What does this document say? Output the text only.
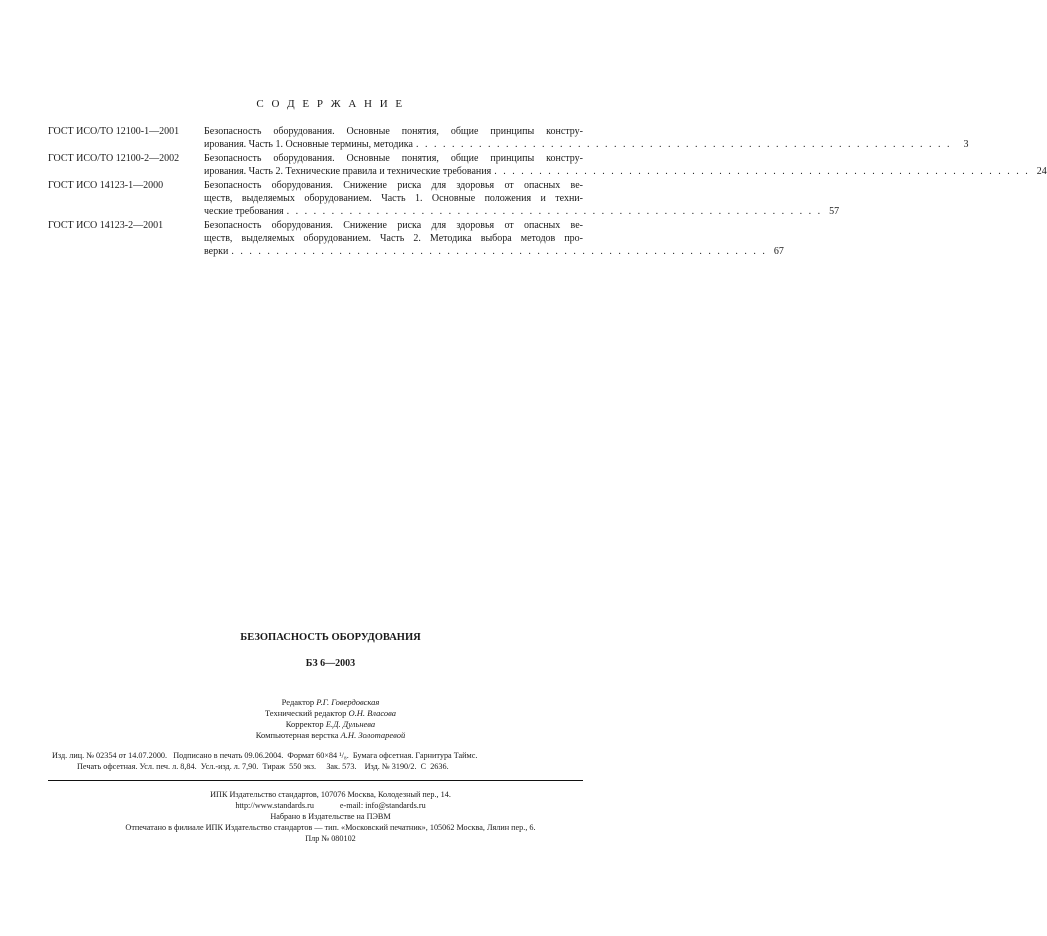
С О Д Е Р Ж А Н И Е
ГОСТ ИСО/ТО 12100-1—2001	Безопасность оборудования. Основные понятия, общие принципы констру-
ирования. Часть 1. Основные термины, методика . . . . . . . . . . . . . . . . . . . . . . . . . . . . . . . . . . . . . . . . . . . . . . . . . . . . . . . . . . . .	3
ГОСТ ИСО/ТО 12100-2—2002	Безопасность оборудования. Основные понятия, общие принципы констру-
ирования. Часть 2. Технические правила и технические требования . . . . . . . . . . . . . . . . . . . . . . . . . . . . . . . . . . . . . . . . . . . . . . . . . . . . . . . . . . . . 24
ГОСТ ИСО 14123-1—2000	Безопасность оборудования. Снижение риска для здоровья от опасных ве-
ществ, выделяемых оборудованием. Часть 1. Основные положения и техни-
ческие требования . . . . . . . . . . . . . . . . . . . . . . . . . . . . . . . . . . . . . . . . . . . . . . . . . . . . . . . . . . . . 57
ГОСТ ИСО 14123-2—2001	Безопасность оборудования. Снижение риска для здоровья от опасных ве-
ществ, выделяемых оборудованием. Часть 2. Методика выбора методов про-
верки . . . . . . . . . . . . . . . . . . . . . . . . . . . . . . . . . . . . . . . . . . . . . . . . . . . . . . . . . . . . 67
БЕЗОПАСНОСТЬ ОБОРУДОВАНИЯ
БЗ 6—2003
Редактор Р.Г. Говердовская
Технический редактор О.Н. Власова
Корректор Е.Д. Дульнева
Компьютерная верстка А.Н. Золотаревой
Изд. лиц. № 02354 от 14.07.2000.   Подписано в печать 09.06.2004.  Формат 60×84 ¹/₈.  Бумага офсетная. Гарнитура Таймс.
Печать офсетная. Усл. печ. л. 8,84.  Усл.-изд. л. 7,90.  Тираж  550 экз.     Зак. 573.    Изд. № 3190/2.  С  2636.
ИПК Издательство стандартов, 107076 Москва, Колодезный пер., 14.
http://www.standards.ru	e-mail: info@standards.ru
Набрано в Издательстве на ПЭВМ
Отпечатано в филиале ИПК Издательство стандартов — тип. «Московский печатник», 105062 Москва, Лялин пер., 6.
Плр № 080102
